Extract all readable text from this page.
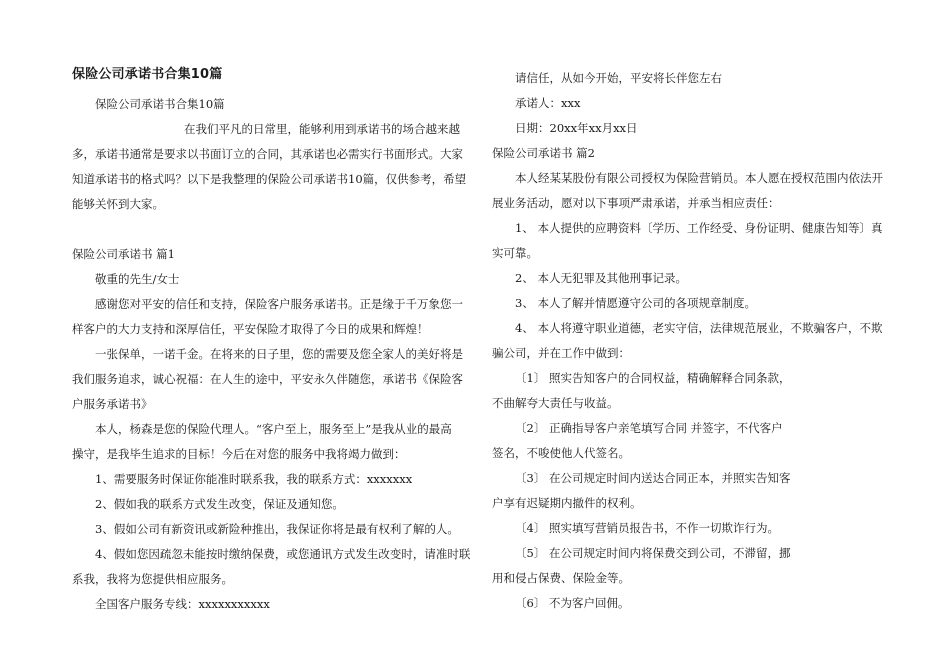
保险公司承诺书合集10篇

保险公司承诺书合集10篇

在我们平凡的日常里，能够利用到承诺书的场合越来越

多，承诺书通常是要求以书面订立的合同，其承诺也必需实行书面形式。大家

知道承诺书的格式吗？以下是我整理的保险公司承诺书10篇，仅供参考，希望

能够关怀到大家。

保险公司承诺书 篇1

敬重的先生/女士

感谢您对平安的信任和支持，保险客户服务承诺书。正是缘于千万象您一

样客户的大力支持和深厚信任，平安保险才取得了今日的成果和辉煌！

一张保单，一诺千金。在将来的日子里，您的需要及您全家人的美好将是

我们服务追求，诚心祝福：在人生的途中，平安永久伴随您，承诺书《保险客

户服务承诺书》

本人，杨森是您的保险代理人。“客户至上，服务至上”是我从业的最高

操守，是我毕生追求的目标！今后在对您的服务中我将竭力做到：

1、需要服务时保证你能准时联系我，我的联系方式：xxxxxxx

2、假如我的联系方式发生改变，保证及通知您。

3、假如公司有新资讯或新险种推出，我保证你将是最有权利了解的人。

4、假如您因疏忽未能按时缴纳保费，或您通讯方式发生改变时，请准时联

系我，我将为您提供相应服务。

全国客户服务专线：xxxxxxxxxxx

请信任，从如今开始，平安将长伴您左右

承诺人：xxx

日期：20xx年xx月xx日

保险公司承诺书 篇2

本人经某某股份有限公司授权为保险营销员。本人愿在授权范围内依法开

展业务活动，愿对以下事项严肃承诺，并承当相应责任：

1、 本人提供的应聘资料〔学历、工作经受、身份证明、健康告知等〕真

实可靠。

2、 本人无犯罪及其他刑事记录。

3、 本人了解并情愿遵守公司的各项规章制度。

4、 本人将遵守职业道德，老实守信，法律规范展业，不欺骗客户，不欺

骗公司，并在工作中做到：

〔1〕 照实告知客户的合同权益，精确解释合同条款，

不曲解夸大责任与收益。

〔2〕 正确指导客户亲笔填写合同 并签字，不代客户

签名，不唆使他人代签名。

〔3〕 在公司规定时间内送达合同正本，并照实告知客

户享有迟疑期内撤件的权利。

〔4〕 照实填写营销员报告书，不作一切欺诈行为。

〔5〕 在公司规定时间内将保费交到公司，不滞留，挪

用和侵占保费、保险金等。

〔6〕 不为客户回佣。
